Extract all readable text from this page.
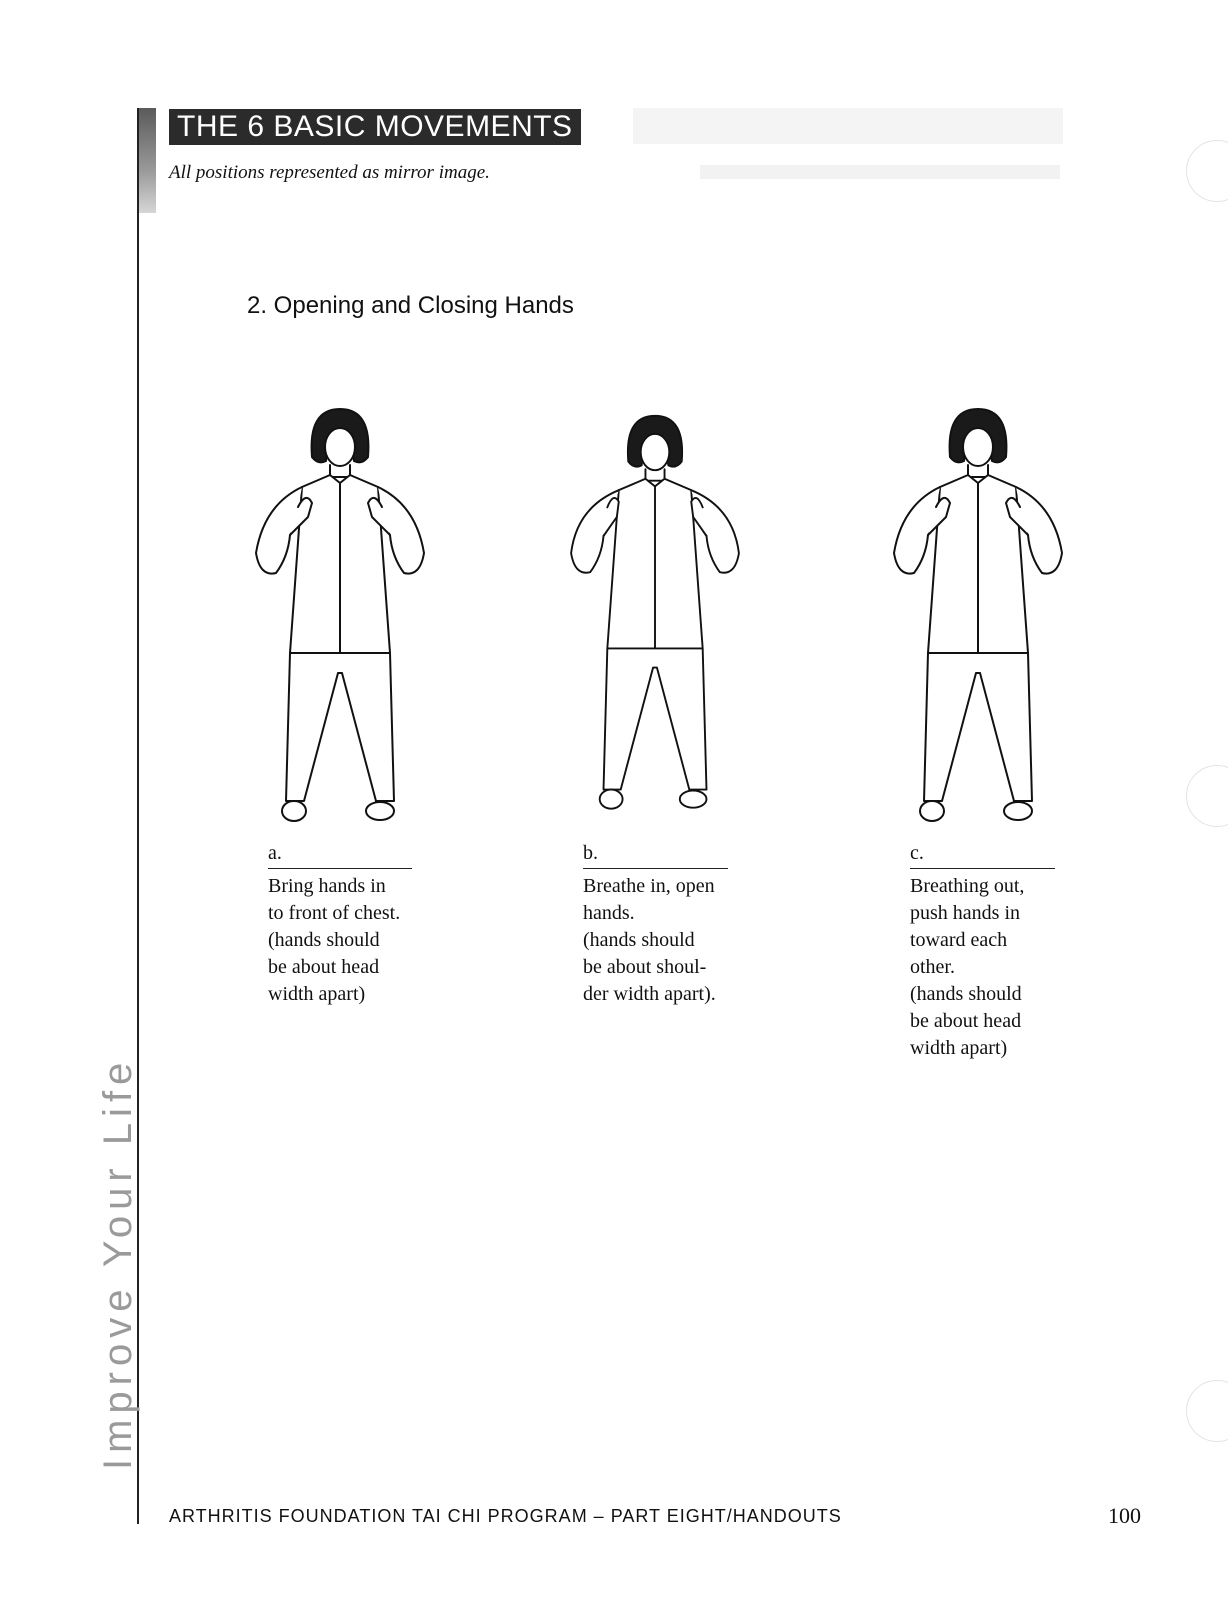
THE 6 BASIC MOVEMENTS
All positions represented as mirror image.
2. Opening and Closing Hands
a.
Bring hands in
to front of chest.
(hands should
be about head
width apart)
b.
Breathe in, open
hands.
(hands should
be about shoul-
der width apart).
c.
Breathing out,
push hands in
toward each
other.
(hands should
be about head
width apart)
Improve Your Life
ARTHRITIS FOUNDATION TAI CHI PROGRAM – PART EIGHT/HANDOUTS	100
